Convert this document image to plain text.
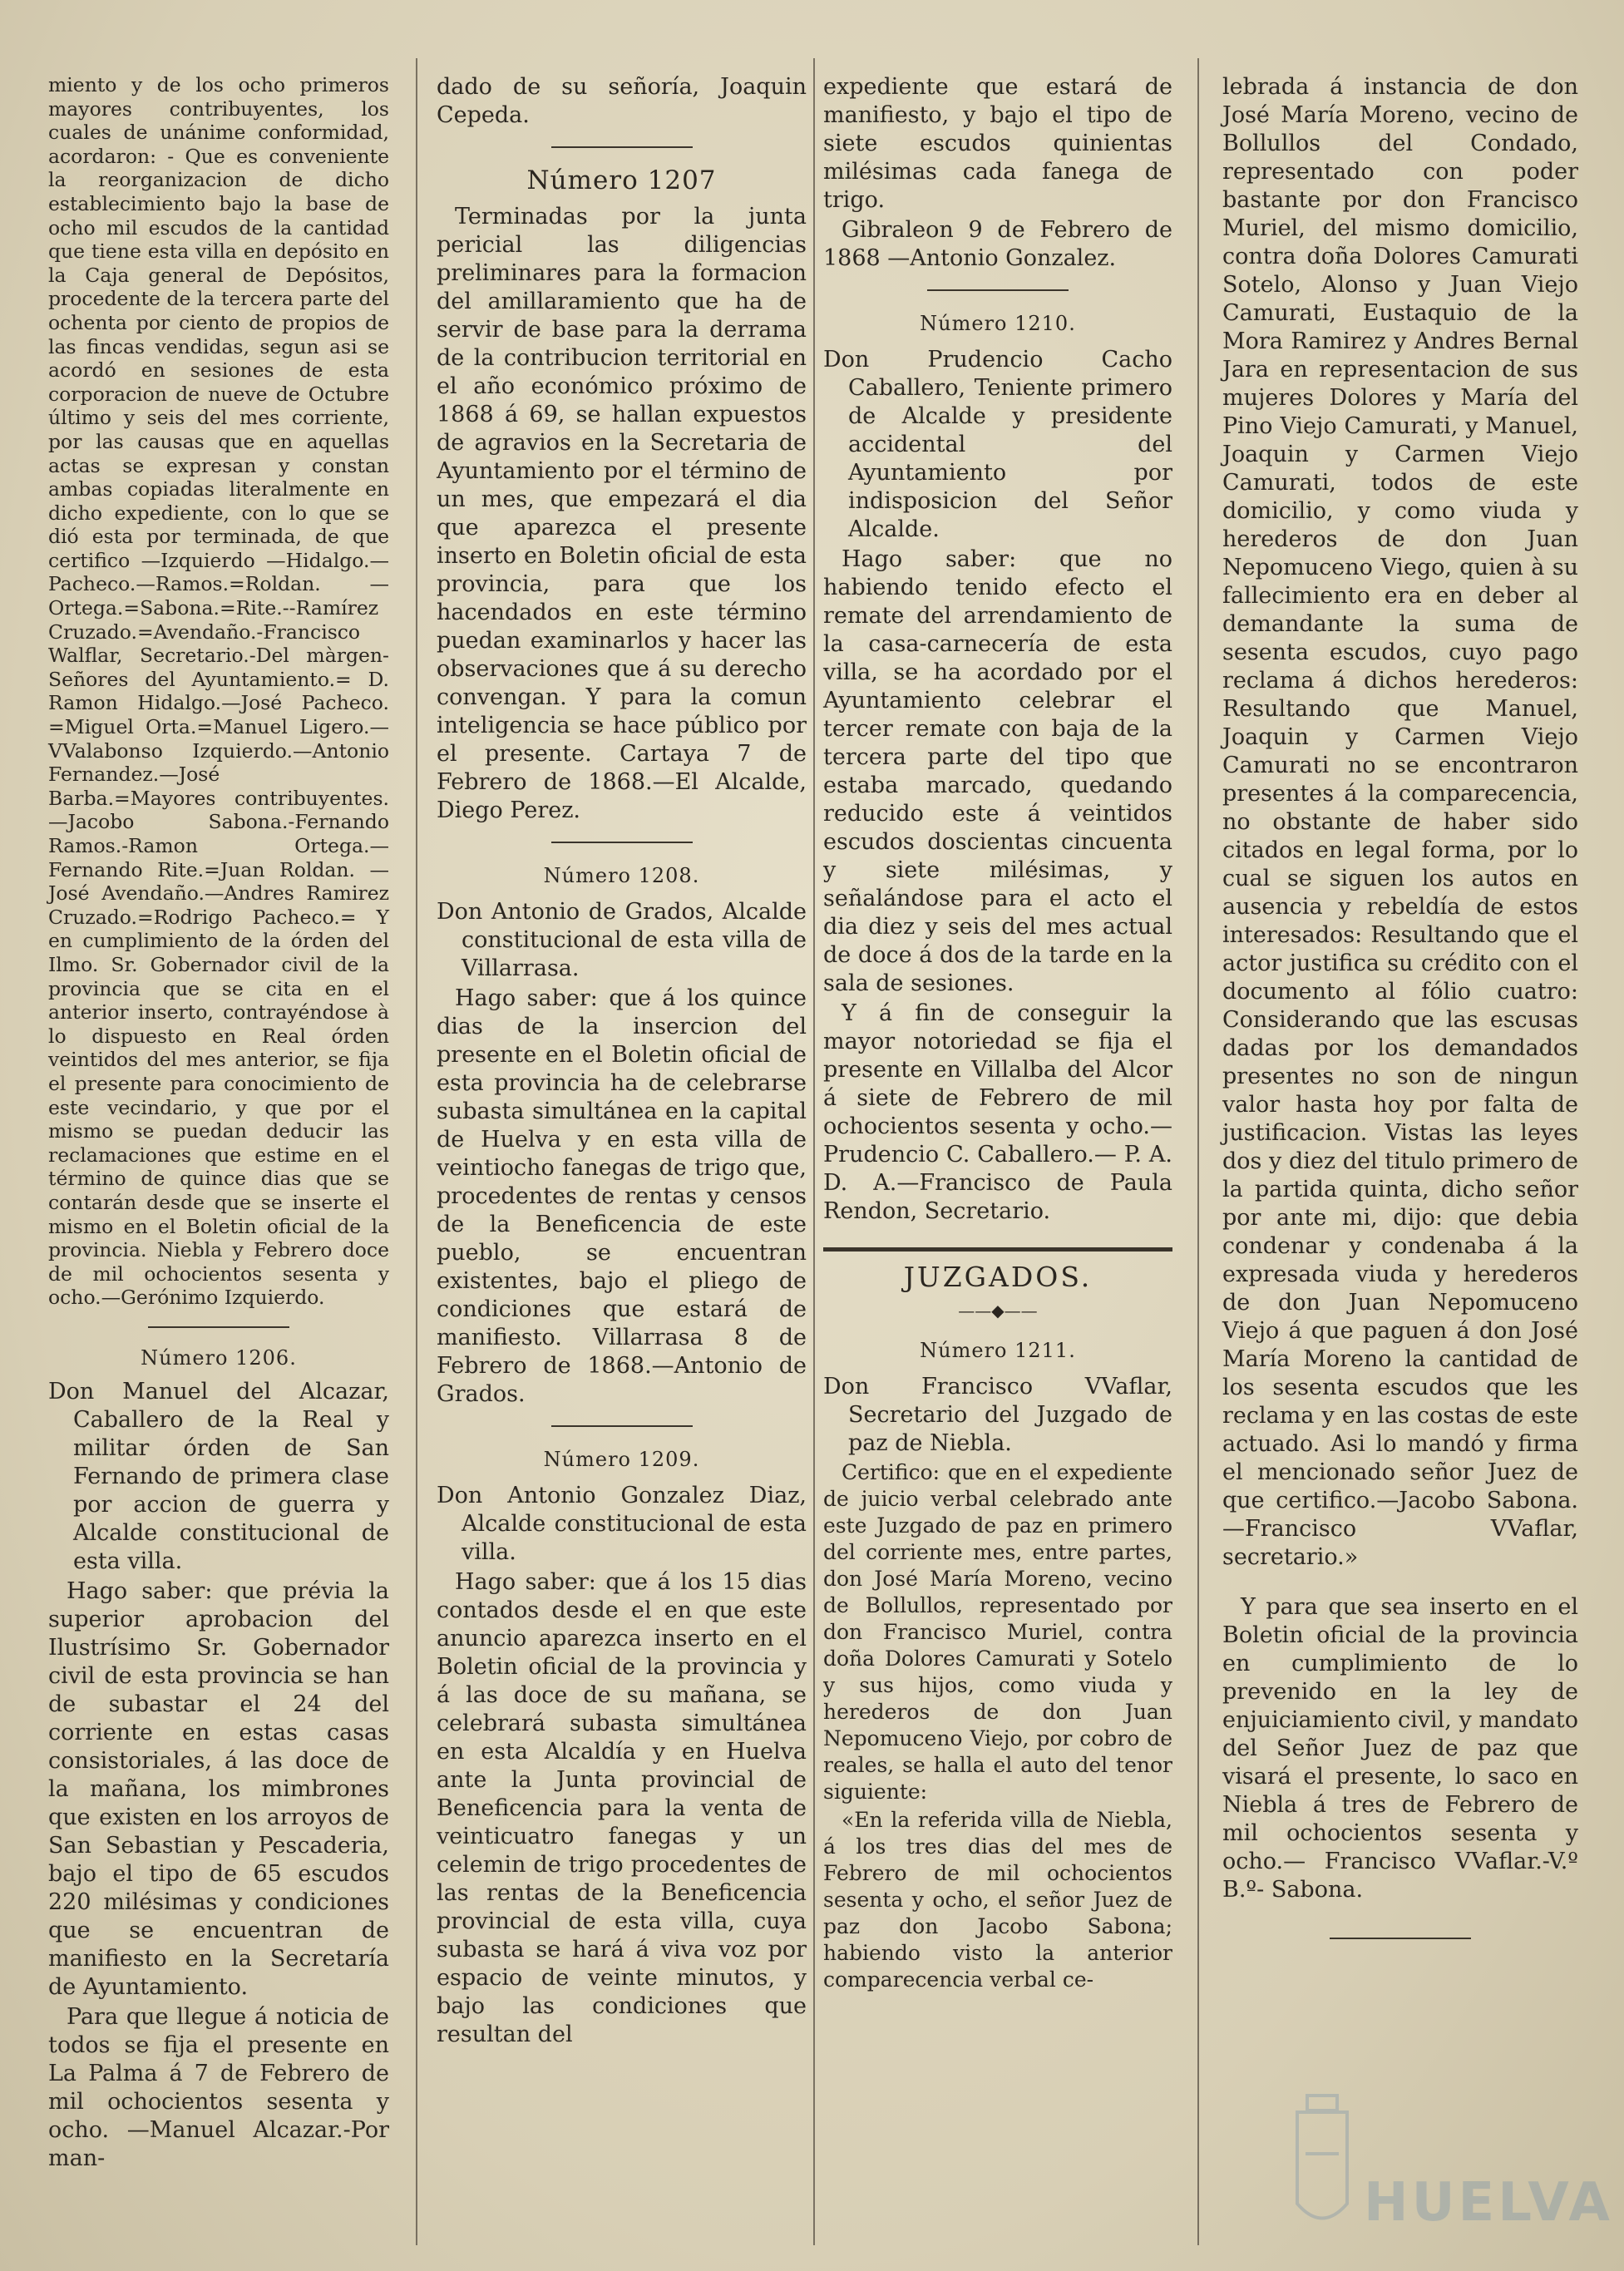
miento y de los ocho primeros mayores contribuyentes, los cuales de unánime conformidad, acordaron: - Que es conveniente la reorganizacion de dicho establecimiento bajo la base de ocho mil escudos de la cantidad que tiene esta villa en depósito en la Caja general de Depósitos, procedente de la tercera parte del ochenta por ciento de propios de las fincas vendidas, segun asi se acordó en sesiones de esta corporacion de nueve de Octubre último y seis del mes corriente, por las causas que en aquellas actas se expresan y constan ambas copiadas literalmente en dicho expediente, con lo que se dió esta por terminada, de que certifico —Izquierdo —Hidalgo.—Pacheco.—Ramos.=Roldan. —Ortega.=Sabona.=Rite.--Ramírez Cruzado.=Avendaño.-Francisco Walflar, Secretario.-Del màrgen-Señores del Ayuntamiento.= D. Ramon Hidalgo.—José Pacheco. =Miguel Orta.=Manuel Ligero.— VValabonso Izquierdo.—Antonio Fernandez.—José Barba.=Mayores contribuyentes.—Jacobo Sabona.-Fernando Ramos.-Ramon Ortega.—Fernando Rite.=Juan Roldan. —José Avendaño.—Andres Ramirez Cruzado.=Rodrigo Pacheco.= Y en cumplimiento de la órden del Ilmo. Sr. Gobernador civil de la provincia que se cita en el anterior inserto, contrayéndose à lo dispuesto en Real órden veintidos del mes anterior, se fija el presente para conocimiento de este vecindario, y que por el mismo se puedan deducir las reclamaciones que estime en el término de quince dias que se contarán desde que se inserte el mismo en el Boletin oficial de la provincia. Niebla y Febrero doce de mil ochocientos sesenta y ocho.—Gerónimo Izquierdo.

Número 1206.

Don Manuel del Alcazar, Caballero de la Real y militar órden de San Fernando de primera clase por accion de guerra y Alcalde constitucional de esta villa.

Hago saber: que prévia la superior aprobacion del Ilustrísimo Sr. Gobernador civil de esta provincia se han de subastar el 24 del corriente en estas casas consistoriales, á las doce de la mañana, los mimbrones que existen en los arroyos de San Sebastian y Pescaderia, bajo el tipo de 65 escudos 220 milésimas y condiciones que se encuentran de manifiesto en la Secretaría de Ayuntamiento.

Para que llegue á noticia de todos se fija el presente en La Palma á 7 de Febrero de mil ochocientos sesenta y ocho. —Manuel Alcazar.-Por man-

dado de su señoría, Joaquin Cepeda.

Número 1207

Terminadas por la junta pericial las diligencias preliminares para la formacion del amillaramiento que ha de servir de base para la derrama de la contribucion territorial en el año económico próximo de 1868 á 69, se hallan expuestos de agravios en la Secretaria de Ayuntamiento por el término de un mes, que empezará el dia que aparezca el presente inserto en Boletin oficial de esta provincia, para que los hacendados en este término puedan examinarlos y hacer las observaciones que á su derecho convengan. Y para la comun inteligencia se hace público por el presente. Cartaya 7 de Febrero de 1868.—El Alcalde, Diego Perez.

Número 1208.

Don Antonio de Grados, Alcalde constitucional de esta villa de Villarrasa.

Hago saber: que á los quince dias de la insercion del presente en el Boletin oficial de esta provincia ha de celebrarse subasta simultánea en la capital de Huelva y en esta villa de veintiocho fanegas de trigo que, procedentes de rentas y censos de la Beneficencia de este pueblo, se encuentran existentes, bajo el pliego de condiciones que estará de manifiesto. Villarrasa 8 de Febrero de 1868.—Antonio de Grados.

Número 1209.

Don Antonio Gonzalez Diaz, Alcalde constitucional de esta villa.

Hago saber: que á los 15 dias contados desde el en que este anuncio aparezca inserto en el Boletin oficial de la provincia y á las doce de su mañana, se celebrará subasta simultánea en esta Alcaldía y en Huelva ante la Junta provincial de Beneficencia para la venta de veinticuatro fanegas y un celemin de trigo procedentes de las rentas de la Beneficencia provincial de esta villa, cuya subasta se hará á viva voz por espacio de veinte minutos, y bajo las condiciones que resultan del

expediente que estará de manifiesto, y bajo el tipo de siete escudos quinientas milésimas cada fanega de trigo.

Gibraleon 9 de Febrero de 1868 —Antonio Gonzalez.

Número 1210.

Don Prudencio Cacho Caballero, Teniente primero de Alcalde y presidente accidental del Ayuntamiento por indisposicion del Señor Alcalde.

Hago saber: que no habiendo tenido efecto el remate del arrendamiento de la casa-carnecería de esta villa, se ha acordado por el Ayuntamiento celebrar el tercer remate con baja de la tercera parte del tipo que estaba marcado, quedando reducido este á veintidos escudos doscientas cincuenta y siete milésimas, y señalándose para el acto el dia diez y seis del mes actual de doce á dos de la tarde en la sala de sesiones.

Y á fin de conseguir la mayor notoriedad se fija el presente en Villalba del Alcor á siete de Febrero de mil ochocientos sesenta y ocho.— Prudencio C. Caballero.— P. A. D. A.—Francisco de Paula Rendon, Secretario.

JUZGADOS.

——◆——

Número 1211.

Don Francisco VVaflar, Secretario del Juzgado de paz de Niebla.

Certifico: que en el expediente de juicio verbal celebrado ante este Juzgado de paz en primero del corriente mes, entre partes, don José María Moreno, vecino de Bollullos, representado por don Francisco Muriel, contra doña Dolores Camurati y Sotelo y sus hijos, como viuda y herederos de don Juan Nepomuceno Viejo, por cobro de reales, se halla el auto del tenor siguiente:

«En la referida villa de Niebla, á los tres dias del mes de Febrero de mil ochocientos sesenta y ocho, el señor Juez de paz don Jacobo Sabona; habiendo visto la anterior comparecencia verbal ce-

lebrada á instancia de don José María Moreno, vecino de Bollullos del Condado, representado con poder bastante por don Francisco Muriel, del mismo domicilio, contra doña Dolores Camurati Sotelo, Alonso y Juan Viejo Camurati, Eustaquio de la Mora Ramirez y Andres Bernal Jara en representacion de sus mujeres Dolores y María del Pino Viejo Camurati, y Manuel, Joaquin y Carmen Viejo Camurati, todos de este domicilio, y como viuda y herederos de don Juan Nepomuceno Viego, quien à su fallecimiento era en deber al demandante la suma de sesenta escudos, cuyo pago reclama á dichos herederos: Resultando que Manuel, Joaquin y Carmen Viejo Camurati no se encontraron presentes á la comparecencia, no obstante de haber sido citados en legal forma, por lo cual se siguen los autos en ausencia y rebeldía de estos interesados: Resultando que el actor justifica su crédito con el documento al fólio cuatro: Considerando que las escusas dadas por los demandados presentes no son de ningun valor hasta hoy por falta de justificacion. Vistas las leyes dos y diez del titulo primero de la partida quinta, dicho señor por ante mi, dijo: que debia condenar y condenaba á la expresada viuda y herederos de don Juan Nepomuceno Viejo á que paguen á don José María Moreno la cantidad de los sesenta escudos que les reclama y en las costas de este actuado. Asi lo mandó y firma el mencionado señor Juez de que certifico.—Jacobo Sabona.—Francisco VVaflar, secretario.»

Y para que sea inserto en el Boletin oficial de la provincia en cumplimiento de lo prevenido en la ley de enjuiciamiento civil, y mandato del Señor Juez de paz que visará el presente, lo saco en Niebla á tres de Febrero de mil ochocientos sesenta y ocho.— Francisco VVaflar.-V.º B.º- Sabona.

HUELVA
